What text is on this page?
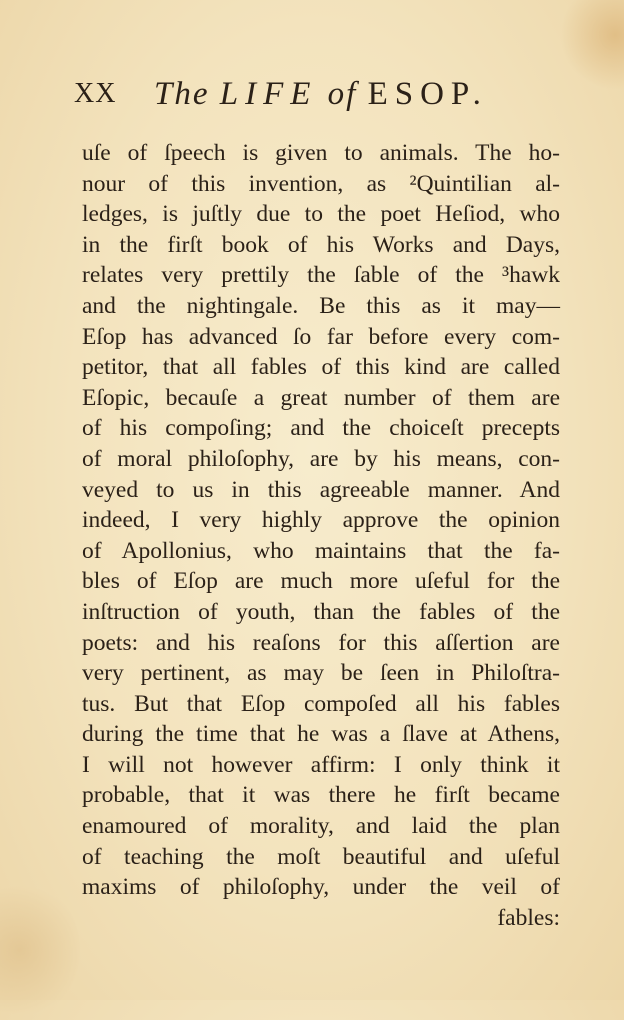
XX The LIFE of ESOP.
uſe of ſpeech is given to animals. The ho-
nour of this invention, as ²Quintilian al-
ledges, is juſtly due to the poet Heſiod, who
in the firſt book of his Works and Days,
relates very prettily the ſable of the ³hawk
and the nightingale. Be this as it may—
Eſop has advanced ſo far before every com-
petitor, that all fables of this kind are called
Eſopic, becauſe a great number of them are
of his compoſing; and the choiceſt precepts
of moral philoſophy, are by his means, con-
veyed to us in this agreeable manner. And
indeed, I very highly approve the opinion
of Apollonius, who maintains that the fa-
bles of Eſop are much more uſeful for the
inſtruction of youth, than the fables of the
poets: and his reaſons for this aſſertion are
very pertinent, as may be ſeen in Philoſtra-
tus. But that Eſop compoſed all his fables
during the time that he was a ſlave at Athens,
I will not however affirm: I only think it
probable, that it was there he firſt became
enamoured of morality, and laid the plan
of teaching the moſt beautiful and uſeful
maxims of philoſophy, under the veil of
fables:
